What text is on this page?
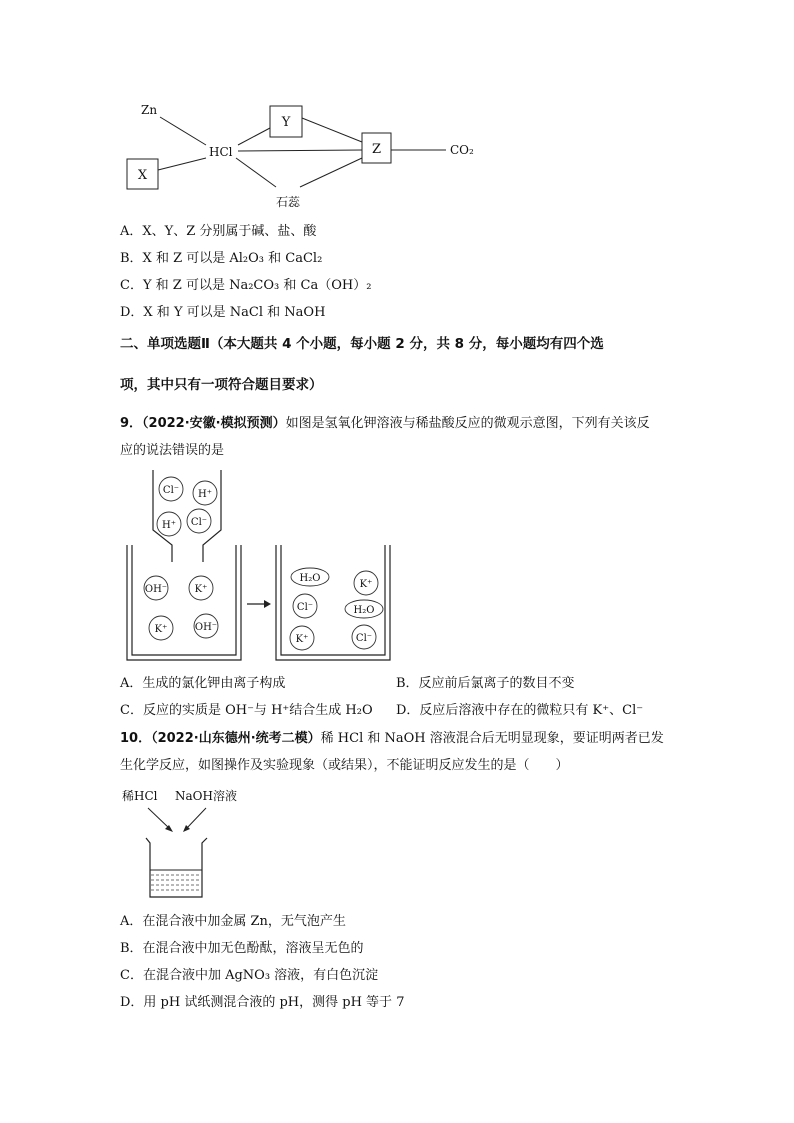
Zn
HCl
Y
Z
X
CO₂
石蕊
A．X、Y、Z 分别属于碱、盐、酸
B．X 和 Z 可以是 Al₂O₃ 和 CaCl₂
C．Y 和 Z 可以是 Na₂CO₃ 和 Ca（OH）₂
D．X 和 Y 可以是 NaCl 和 NaOH
二、单项选题Ⅱ（本大题共 4 个小题，每小题 2 分，共 8 分，每小题均有四个选
项，其中只有一项符合题目要求）
9．（2022·安徽·模拟预测）如图是氢氧化钾溶液与稀盐酸反应的微观示意图，下列有关该反
应的说法错误的是
Cl⁻ H⁺
H⁺ Cl⁻
OH⁻	K⁺
K⁺	OH⁻
H₂O
K⁺
Cl⁻	H₂O
K⁺	Cl⁻
A．生成的氯化钾由离子构成	B．反应前后氯离子的数目不变
C．反应的实质是 OH⁻与 H⁺结合生成 H₂O D．反应后溶液中存在的微粒只有 K⁺、Cl⁻
10．（2022·山东德州·统考二模）稀 HCl 和 NaOH 溶液混合后无明显现象，要证明两者已发
生化学反应，如图操作及实验现象（或结果），不能证明反应发生的是（　　）
稀HCl NaOH溶液
A．在混合液中加金属 Zn，无气泡产生
B．在混合液中加无色酚酞，溶液呈无色的
C．在混合液中加 AgNO₃ 溶液，有白色沉淀
D．用 pH 试纸测混合液的 pH，测得 pH 等于 7
